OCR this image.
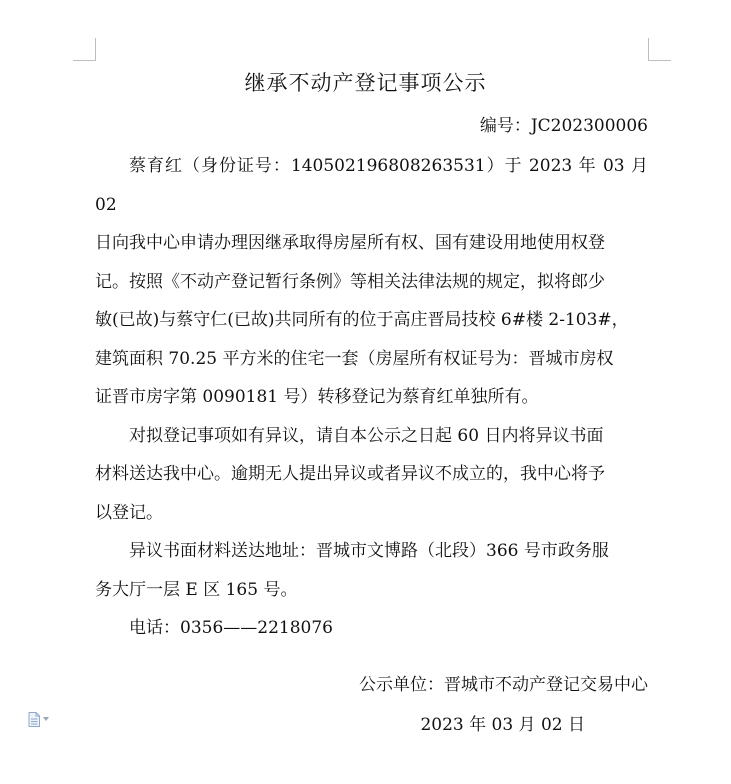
继承不动产登记事项公示
编号：JC202300006

蔡育红（身份证号：140502196808263531）于 2023 年 03 月 02
日向我中心申请办理因继承取得房屋所有权、国有建设用地使用权登
记。按照《不动产登记暂行条例》等相关法律法规的规定，拟将郎少
敏(已故)与蔡守仁(已故)共同所有的位于高庄晋局技校 6#楼 2-103#，
建筑面积 70.25 平方米的住宅一套（房屋所有权证号为：晋城市房权
证晋市房字第 0090181 号）转移登记为蔡育红单独所有。

对拟登记事项如有异议，请自本公示之日起 60 日内将异议书面
材料送达我中心。逾期无人提出异议或者异议不成立的，我中心将予
以登记。

异议书面材料送达地址：晋城市文博路（北段）366 号市政务服
务大厅一层 E 区 165 号。

电话：0356——2218076

公示单位：晋城市不动产登记交易中心
2023 年 03 月 02 日
